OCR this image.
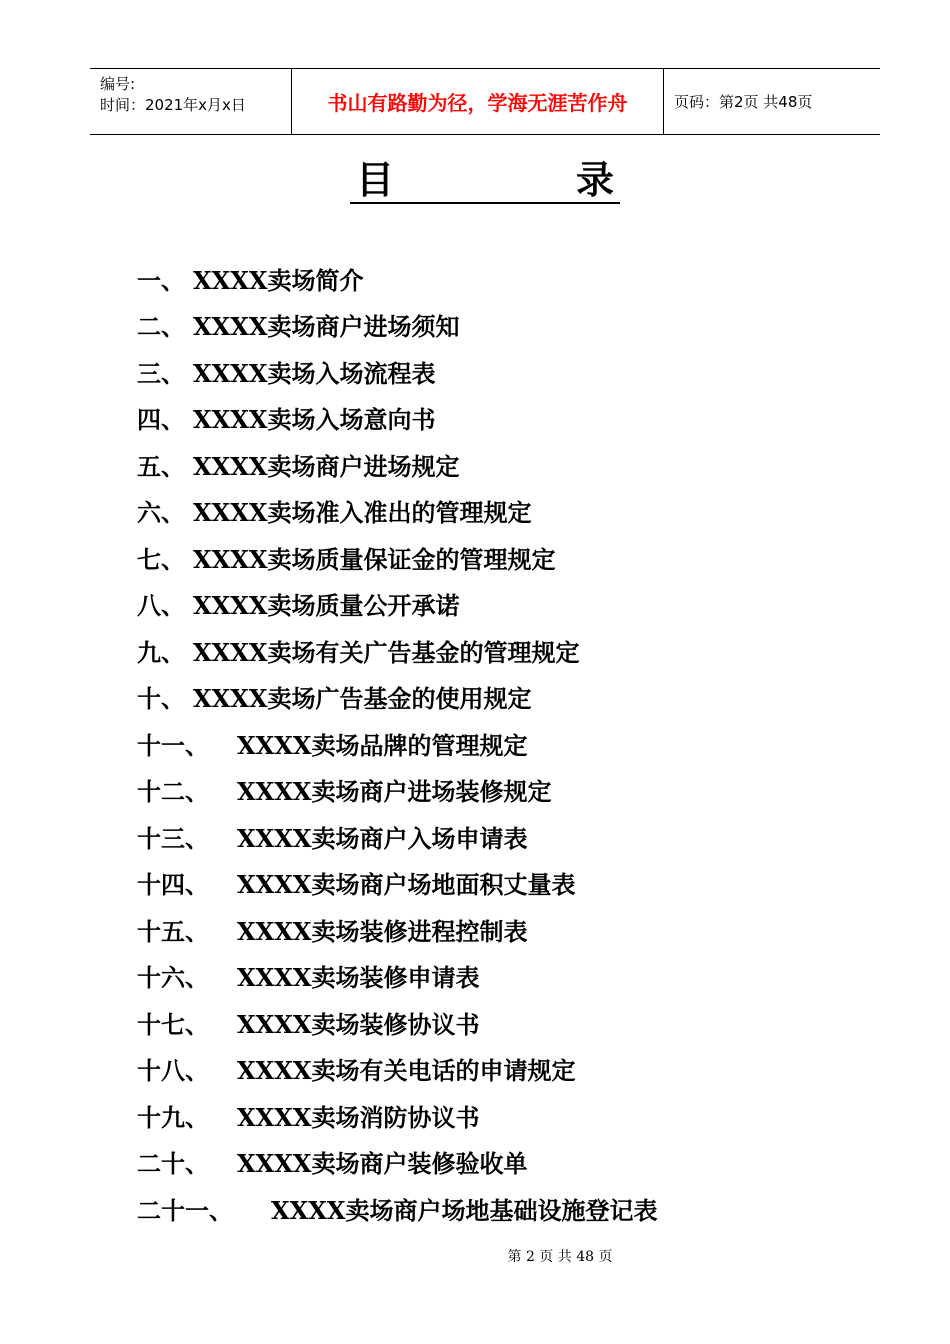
编号:
时间：2021年x月x日	书山有路勤为径，学海无涯苦作舟	页码：第2页 共48页
目	录
一、 XXXX卖场简介
二、 XXXX卖场商户进场须知
三、 XXXX卖场入场流程表
四、 XXXX卖场入场意向书
五、 XXXX卖场商户进场规定
六、 XXXX卖场准入准出的管理规定
七、 XXXX卖场质量保证金的管理规定
八、 XXXX卖场质量公开承诺
九、 XXXX卖场有关广告基金的管理规定
十、 XXXX卖场广告基金的使用规定
十一、	XXXX卖场品牌的管理规定
十二、	XXXX卖场商户进场装修规定
十三、	XXXX卖场商户入场申请表
十四、	XXXX卖场商户场地面积丈量表
十五、	XXXX卖场装修进程控制表
十六、	XXXX卖场装修申请表
十七、	XXXX卖场装修协议书
十八、	XXXX卖场有关电话的申请规定
十九、	XXXX卖场消防协议书
二十、	XXXX卖场商户装修验收单
二十一、	XXXX卖场商户场地基础设施登记表
第 2 页 共 48 页
